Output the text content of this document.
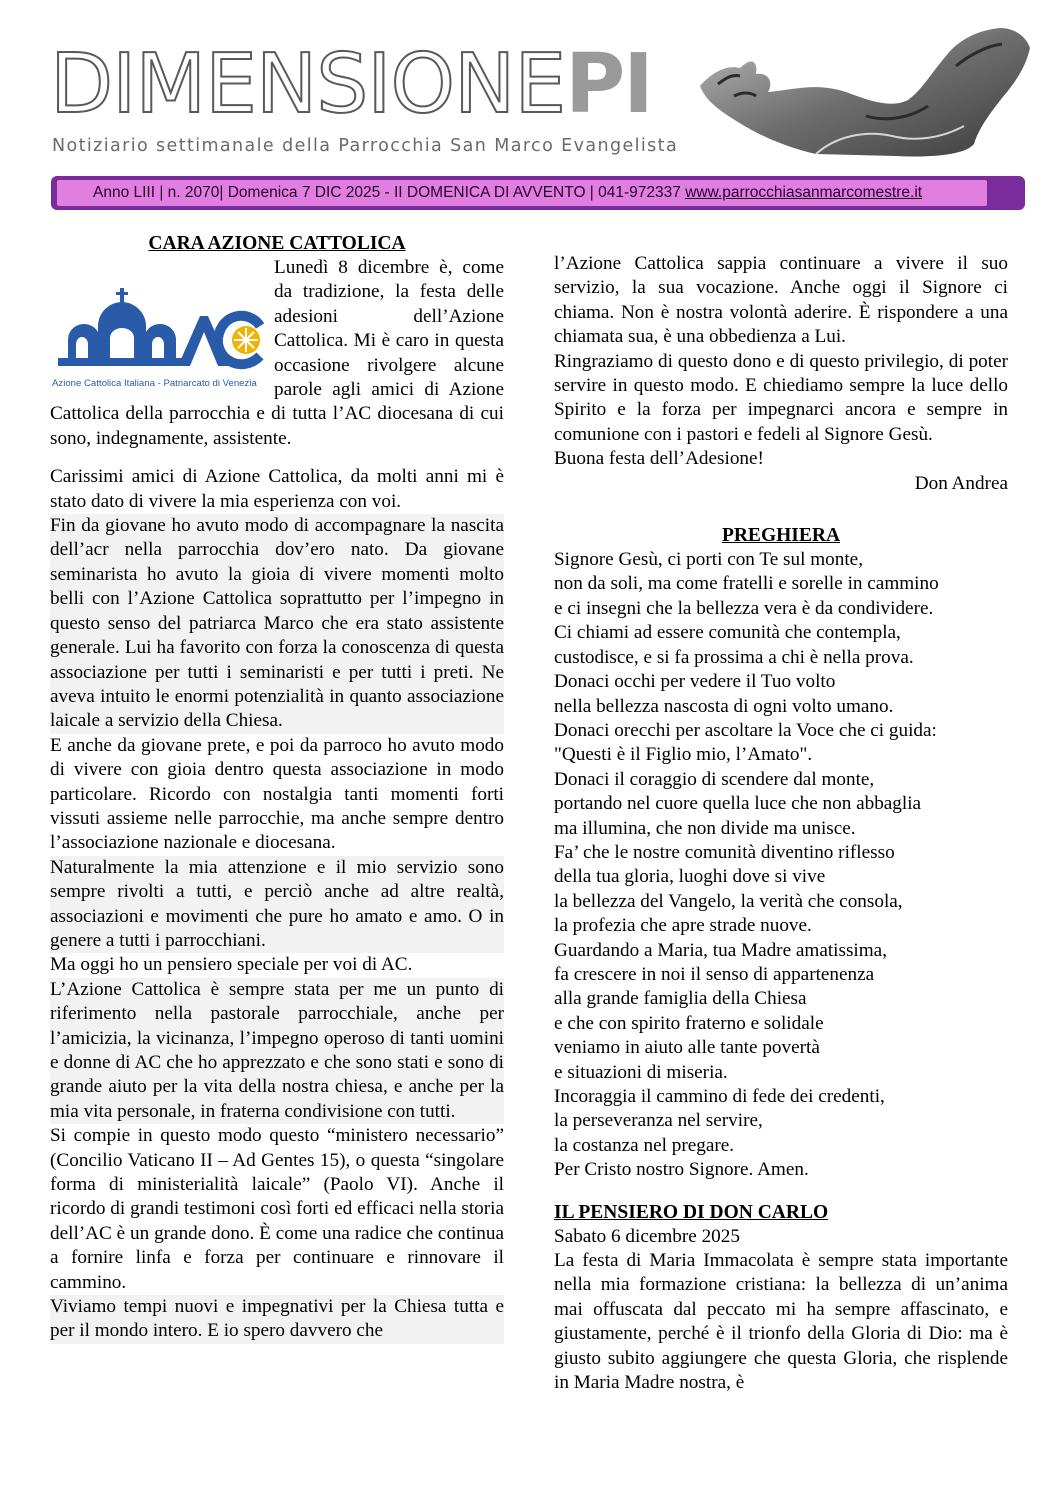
DIMENSIONEPI
Notiziario settimanale della Parrocchia San Marco Evangelista
Anno LIII | n. 2070| Domenica 7 DIC 2025 - II DOMENICA DI AVVENTO | 041-972337 www.parrocchiasanmarcomestre.it
CARA AZIONE CATTOLICA

Azione Cattolica Italiana - Patriarcato di Venezia
Lunedì 8 dicembre è, come da tradizione, la festa delle adesioni dell’Azione Cattolica. Mi è caro in questa occasione rivolgere alcune parole agli amici di Azione Cattolica della parrocchia e di tutta l’AC diocesana di cui sono, indegnamente, assistente.

Carissimi amici di Azione Cattolica, da molti anni mi è stato dato di vivere la mia esperienza con voi.

Fin da giovane ho avuto modo di accompagnare la nascita dell’acr nella parrocchia dov’ero nato. Da giovane seminarista ho avuto la gioia di vivere momenti molto belli con l’Azione Cattolica soprattutto per l’impegno in questo senso del patriarca Marco che era stato assistente generale. Lui ha favorito con forza la conoscenza di questa associazione per tutti i seminaristi e per tutti i preti. Ne aveva intuito le enormi potenzialità in quanto associazione laicale a servizio della Chiesa.

E anche da giovane prete, e poi da parroco ho avuto modo di vivere con gioia dentro questa associazione in modo particolare. Ricordo con nostalgia tanti momenti forti vissuti assieme nelle parrocchie, ma anche sempre dentro l’associazione nazionale e diocesana.

Naturalmente la mia attenzione e il mio servizio sono sempre rivolti a tutti, e perciò anche ad altre realtà, associazioni e movimenti che pure ho amato e amo. O in genere a tutti i parrocchiani.

Ma oggi ho un pensiero speciale per voi di AC.

L’Azione Cattolica è sempre stata per me un punto di riferimento nella pastorale parrocchiale, anche per l’amicizia, la vicinanza, l’impegno operoso di tanti uomini e donne di AC che ho apprezzato e che sono stati e sono di grande aiuto per la vita della nostra chiesa, e anche per la mia vita personale, in fraterna condivisione con tutti.

Si compie in questo modo questo “ministero necessario” (Concilio Vaticano II – Ad Gentes 15), o questa “singolare forma di ministerialità laicale” (Paolo VI). Anche il ricordo di grandi testimoni così forti ed efficaci nella storia dell’AC è un grande dono. È come una radice che continua a fornire linfa e forza per continuare e rinnovare il cammino.

Viviamo tempi nuovi e impegnativi per la Chiesa tutta e per il mondo intero. E io spero davvero che

l’Azione Cattolica sappia continuare a vivere il suo servizio, la sua vocazione. Anche oggi il Signore ci chiama. Non è nostra volontà aderire. È rispondere a una chiamata sua, è una obbedienza a Lui.

Ringraziamo di questo dono e di questo privilegio, di poter servire in questo modo. E chiediamo sempre la luce dello Spirito e la forza per impegnarci ancora e sempre in comunione con i pastori e fedeli al Signore Gesù.

Buona festa dell’Adesione!

Don Andrea

PREGHIERA

Signore Gesù, ci porti con Te sul monte,

non da soli, ma come fratelli e sorelle in cammino

e ci insegni che la bellezza vera è da condividere.

Ci chiami ad essere comunità che contempla,

custodisce, e si fa prossima a chi è nella prova.

Donaci occhi per vedere il Tuo volto

nella bellezza nascosta di ogni volto umano.

Donaci orecchi per ascoltare la Voce che ci guida:

"Questi è il Figlio mio, l’Amato".

Donaci il coraggio di scendere dal monte,

portando nel cuore quella luce che non abbaglia

ma illumina, che non divide ma unisce.

Fa’ che le nostre comunità diventino riflesso

della tua gloria, luoghi dove si vive

la bellezza del Vangelo, la verità che consola,

la profezia che apre strade nuove.

Guardando a Maria, tua Madre amatissima,

fa crescere in noi il senso di appartenenza

alla grande famiglia della Chiesa

e che con spirito fraterno e solidale

veniamo in aiuto alle tante povertà

e situazioni di miseria.

Incoraggia il cammino di fede dei credenti,

la perseveranza nel servire,

la costanza nel pregare.

Per Cristo nostro Signore. Amen.

IL PENSIERO DI DON CARLO

Sabato 6 dicembre 2025

La festa di Maria Immacolata è sempre stata importante nella mia formazione cristiana: la bellezza di un’anima mai offuscata dal peccato mi ha sempre affascinato, e giustamente, perché è il trionfo della Gloria di Dio: ma è giusto subito aggiungere che questa Gloria, che risplende in Maria Madre nostra, è
